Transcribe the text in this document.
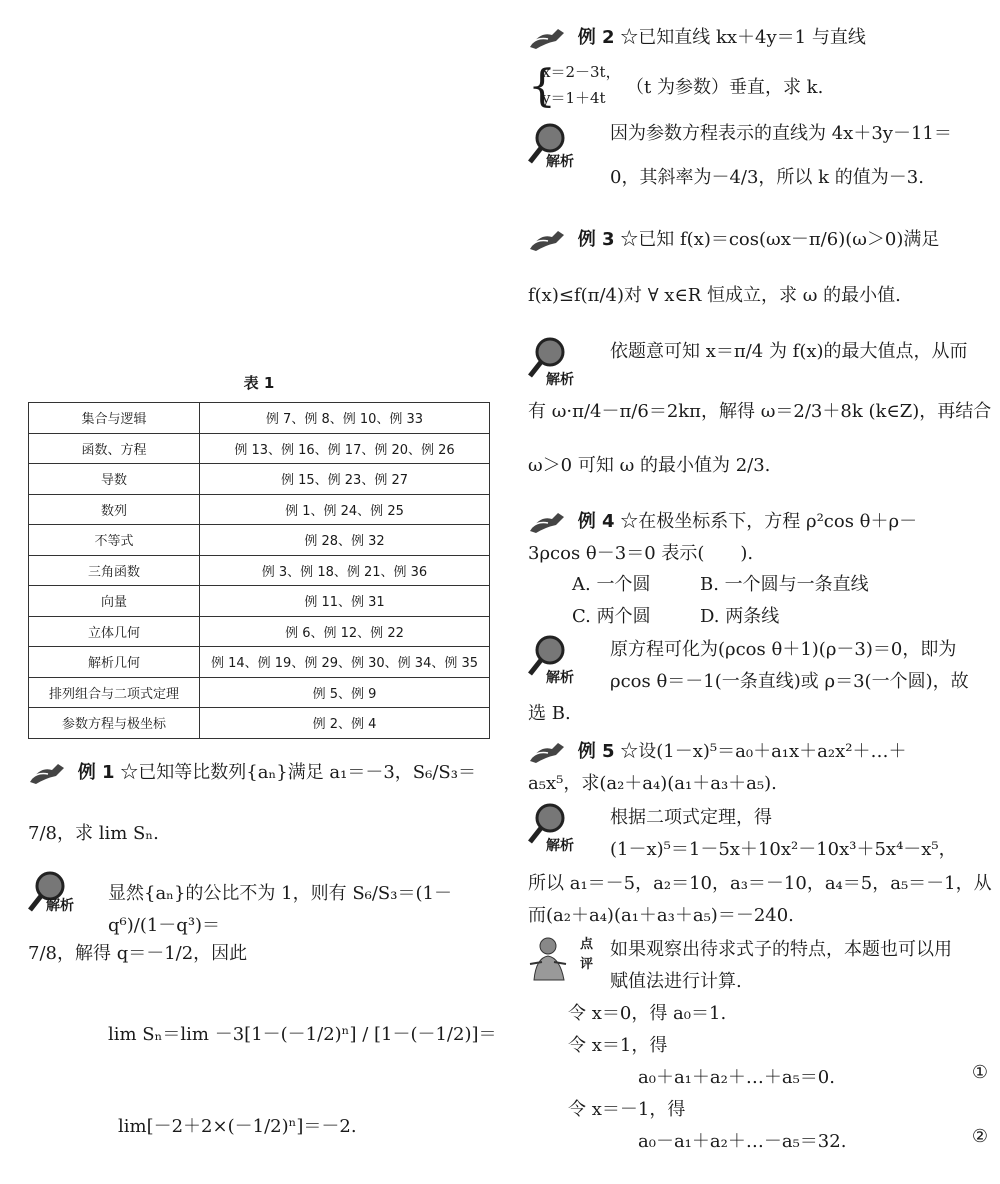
表 1
集合与逻辑	例 7、例 8、例 10、例 33
函数、方程	例 13、例 16、例 17、例 20、例 26
导数	例 15、例 23、例 27
数列	例 1、例 24、例 25
不等式	例 28、例 32
三角函数	例 3、例 18、例 21、例 36
向量	例 11、例 31
立体几何	例 6、例 12、例 22
解析几何	例 14、例 19、例 29、例 30、例 34、例 35
排列组合与二项式定理	例 5、例 9
参数方程与极坐标	例 2、例 4
例 1 ☆已知等比数列{aₙ}满足 a₁＝－3，S₆/S₃＝
7/8，求 lim Sₙ.
解析
显然{aₙ}的公比不为 1，则有 S₆/S₃＝(1－q⁶)/(1－q³)＝
7/8，解得 q＝－1/2，因此
lim Sₙ＝lim －3[1－(－1/2)ⁿ] / [1－(－1/2)]＝
lim[－2＋2×(－1/2)ⁿ]＝－2.
例 2 ☆已知直线 kx＋4y＝1 与直线
{
x＝2－3t，
y＝1＋4t （t 为参数）垂直，求 k.
解析
因为参数方程表示的直线为 4x＋3y－11＝
0，其斜率为－4/3，所以 k 的值为－3.
例 3 ☆已知 f(x)＝cos(ωx－π/6)(ω＞0)满足
f(x)≤f(π/4)对 ∀ x∈R 恒成立，求 ω 的最小值.
解析
依题意可知 x＝π/4 为 f(x)的最大值点，从而
有 ω·π/4－π/6＝2kπ，解得 ω＝2/3＋8k (k∈Z)，再结合
ω＞0 可知 ω 的最小值为 2/3.
例 4 ☆在极坐标系下，方程 ρ²cos θ＋ρ－
3ρcos θ－3＝0 表示(　　).
A. 一个圆	B. 一个圆与一条直线
C. 两个圆	D. 两条线
解析
原方程可化为(ρcos θ＋1)(ρ－3)＝0，即为
ρcos θ＝－1(一条直线)或 ρ＝3(一个圆)，故
选 B.
例 5 ☆设(1－x)⁵＝a₀＋a₁x＋a₂x²＋…＋
a₅x⁵，求(a₂＋a₄)(a₁＋a₃＋a₅).
解析
根据二项式定理，得
(1－x)⁵＝1－5x＋10x²－10x³＋5x⁴－x⁵，
所以 a₁＝－5，a₂＝10，a₃＝－10，a₄＝5，a₅＝－1，从
而(a₂＋a₄)(a₁＋a₃＋a₅)＝－240.
点
评
如果观察出待求式子的特点，本题也可以用
赋值法进行计算.
令 x＝0，得 a₀＝1.
令 x＝1，得
a₀＋a₁＋a₂＋…＋a₅＝0.	①
令 x＝－1，得
a₀－a₁＋a₂＋…－a₅＝32.	②
